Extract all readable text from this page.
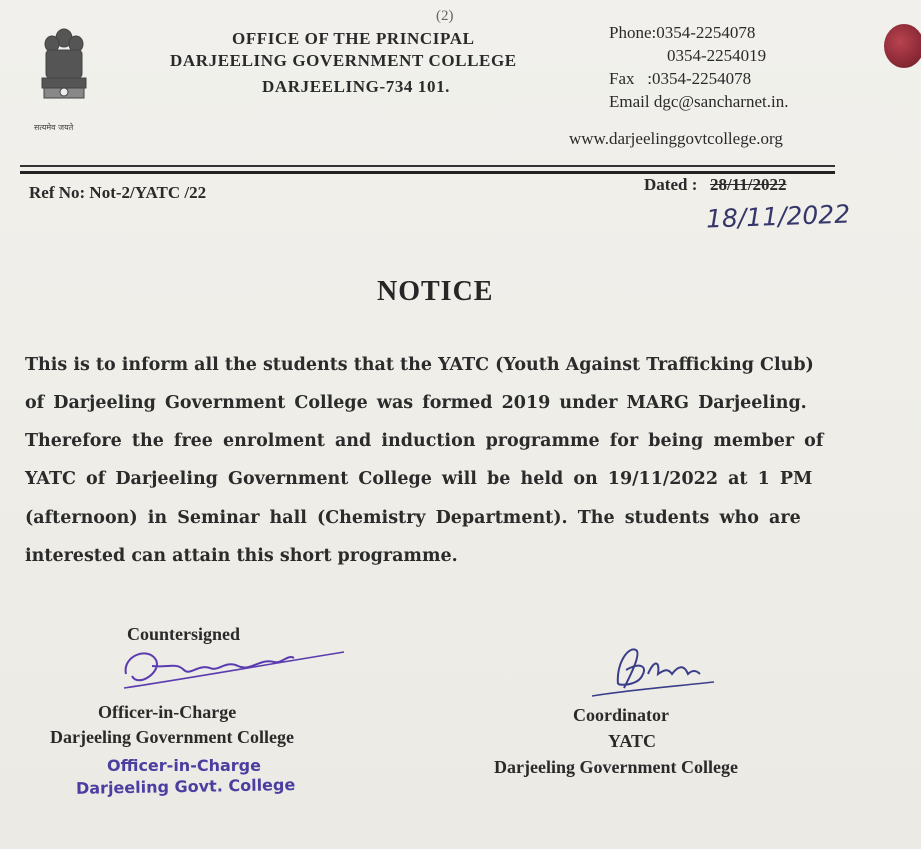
(2)
सत्यमेव जयते
OFFICE OF THE PRINCIPAL
DARJEELING GOVERNMENT COLLEGE
DARJEELING-734 101.
Phone:0354-2254078
0354-2254019
Fax   :0354-2254078
Email dgc@sancharnet.in.
www.darjeelinggovtcollege.org
Ref No: Not-2/YATC /22	Dated : 28/11/2022
18/11/2022
NOTICE
This is to inform all the students that the YATC (Youth Against Trafficking Club)
of Darjeeling Government College was formed 2019 under MARG Darjeeling.
Therefore the free enrolment and induction programme for being member of
YATC of Darjeeling Government College will be held on 19/11/2022 at 1 PM
(afternoon) in Seminar hall (Chemistry Department). The students who are
interested can attain this short programme.
Countersigned
Officer-in-Charge
Darjeeling Government College
Officer-in-Charge
Darjeeling Govt. College
Coordinator
YATC
Darjeeling Government College
